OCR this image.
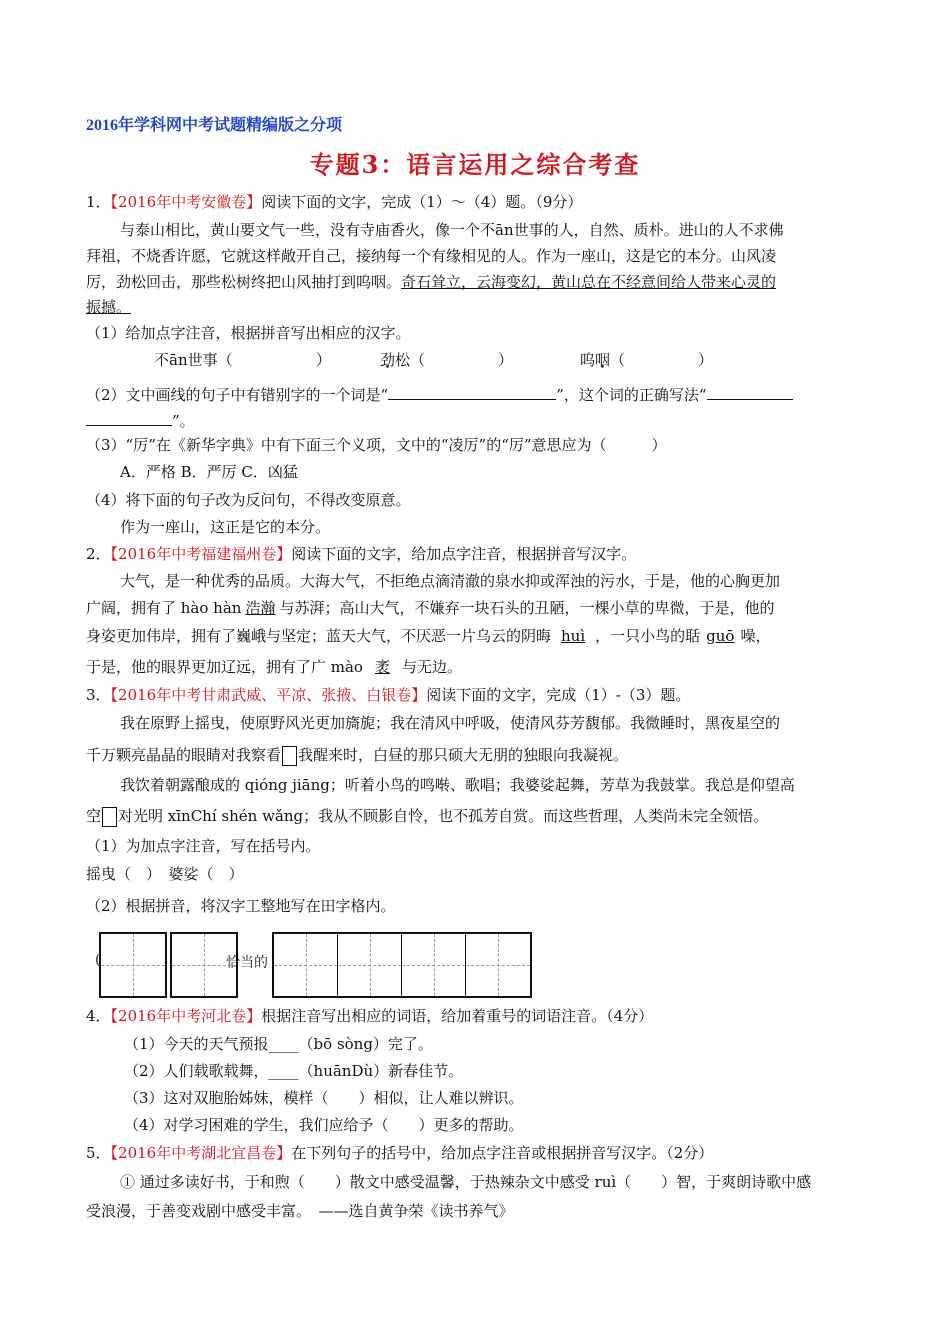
2016年学科网中考试题精编版之分项
专题3：语言运用之综合考查
1．【2016年中考安徽卷】阅读下面的文字，完成（1）～（4）题。（9分）
与泰山相比，黄山要文气一些，没有寺庙香火，像一个不ān世事的人，自然、质朴。进山的人不求佛
拜祖，不烧香许愿，它就这样敞开自己，接纳每一个有缘相见的人。作为一座山，这是它的本分。山风凌
厉，劲松回击，那些松树终把山风抽打到呜咽。奇石耸立，云海变幻，黄山总在不经意间给人带来心灵的
振撼。
（1）给加点字注音，根据拼音写出相应的汉字。
不ān世事（	）	劲松（	）	呜咽（	）
（2）文中画线的句子中有错别字的一个词是“	”，这个词的正确写法“
”。
（3）“厉”在《新华字典》中有下面三个义项，文中的“凌厉”的“厉”意思应为（　　　）
A．严格 B．严厉 C．凶猛
（4）将下面的句子改为反问句，不得改变原意。
作为一座山，这正是它的本分。
2．【2016年中考福建福州卷】阅读下面的文字，给加点字注音，根据拼音写汉字。
大气，是一种优秀的品质。大海大气，不拒绝点滴清澈的泉水抑或浑浊的污水，于是，他的心胸更加
广阔，拥有了 hào hàn 浩瀚 与苏湃；高山大气，不嫌弃一块石头的丑陋，一棵小草的卑微，于是，他的
身姿更加伟岸，拥有了巍峨与坚定；蓝天大气，不厌恶一片乌云的阴晦 huì ，一只小鸟的聒 guō 噪，
于是，他的眼界更加辽远，拥有了广 mào 袤 与无边。
3．【2016年中考甘肃武威、平凉、张掖、白银卷】阅读下面的文字，完成（1）-（3）题。
我在原野上摇曳，使原野风光更加旖旎；我在清风中呼吸，使清风芬芳馥郁。我微睡时，黑夜星空的
千万颗亮晶晶的眼睛对我察看 我醒来时，白昼的那只硕大无朋的独眼向我凝视。
我饮着朝露酿成的 qióng jiāng；听着小鸟的鸣啭、歌唱；我婆娑起舞，芳草为我鼓掌。我总是仰望高
空 对光明 xīnChí shén wǎng；我从不顾影自怜，也不孤芳自赏。而这些哲理，人类尚未完全领悟。
（1）为加点字注音，写在括号内。
摇曳（　）　婆娑（　）
（2）根据拼音，将汉字工整地写在田字格内。
(	恰当的
4．【2016年中考河北卷】根据注音写出相应的词语，给加着重号的词语注音。（4分）
（1）今天的天气预报____（bō sòng）完了。
（2）人们载歌载舞，____（huānDù）新春佳节。
（3）这对双胞胎姊妹，模样（　　）相似，让人难以辨识。
（4）对学习困难的学生，我们应给予（　　）更多的帮助。
5．【2016年中考湖北宜昌卷】在下列句子的括号中，给加点字注音或根据拼音写汉字。（2分）
① 通过多读好书，于和煦（　　）散文中感受温馨，于热辣杂文中感受 ruì（　　）智，于爽朗诗歌中感
受浪漫，于善变戏剧中感受丰富。　——选自黄争荣《读书养气》
